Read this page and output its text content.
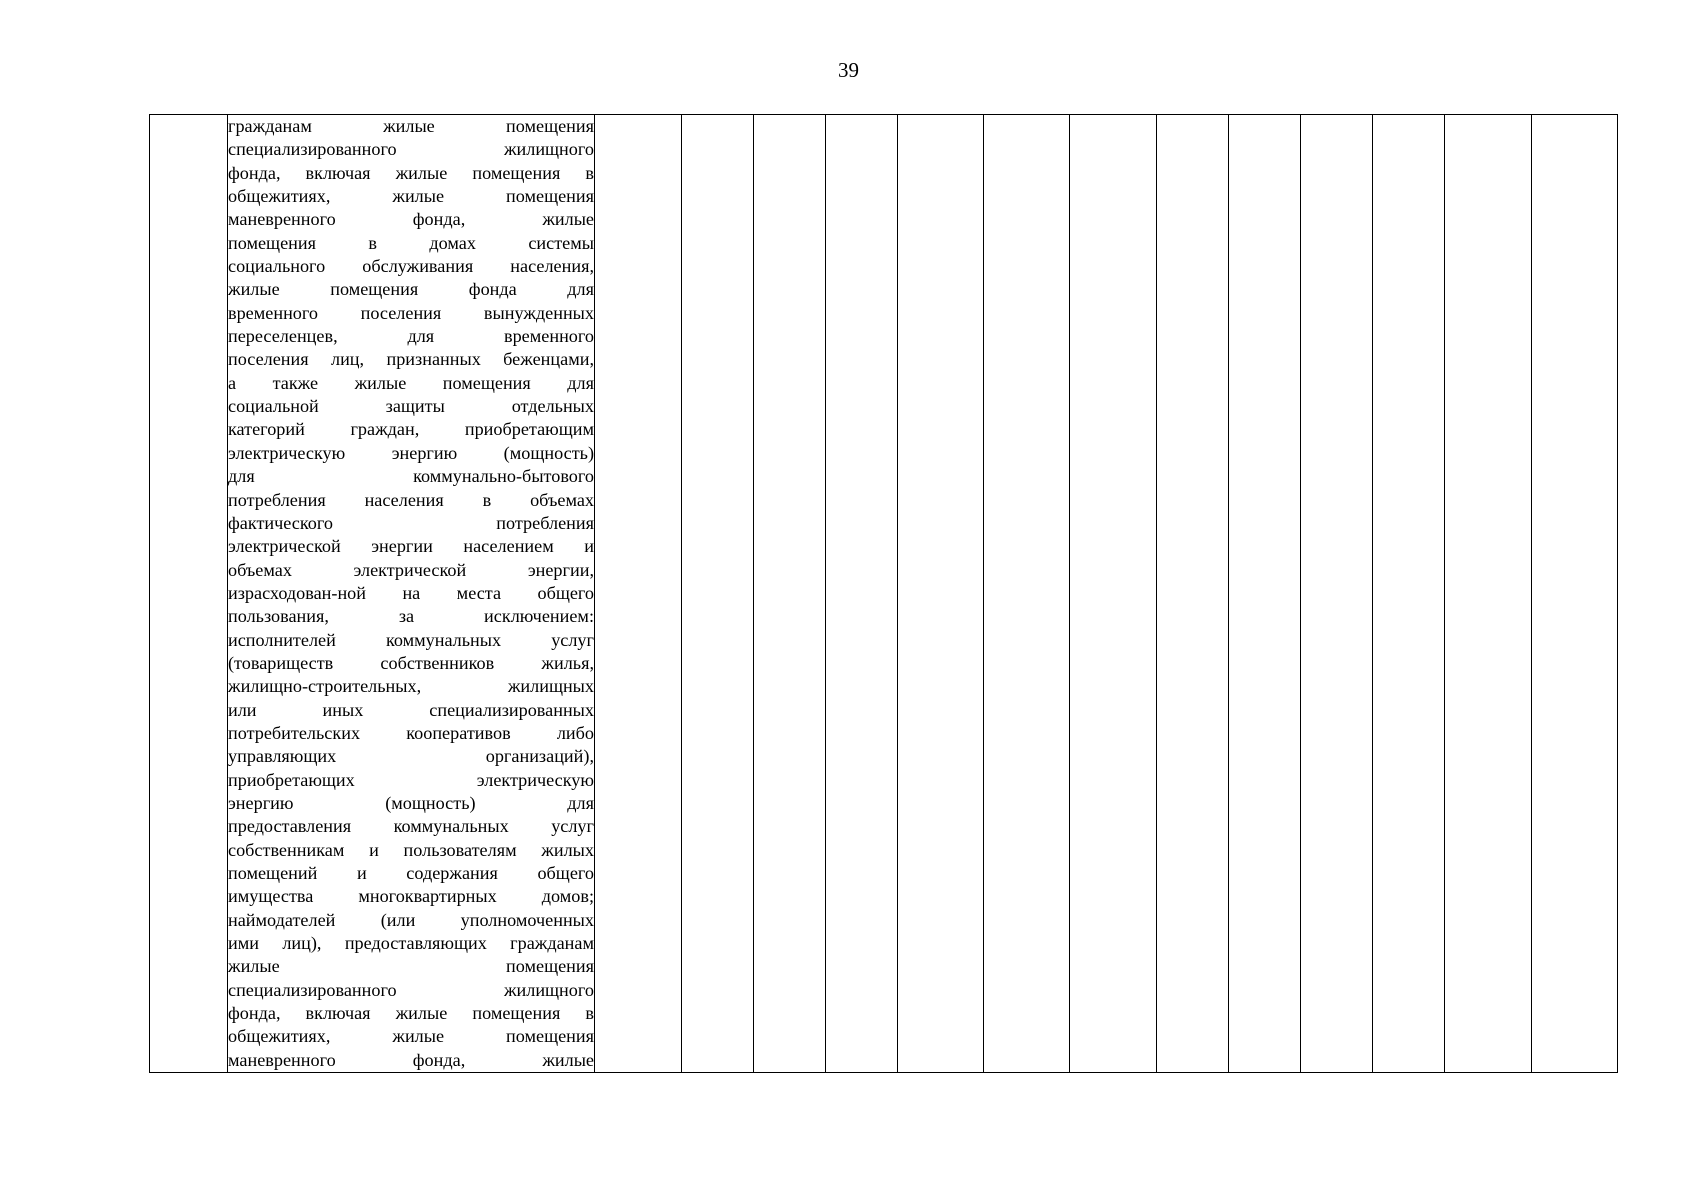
39

гражданам жилые помещения
специализированного жилищного
фонда, включая жилые помещения в
общежитиях, жилые помещения
маневренного фонда, жилые
помещения в домах системы
социального обслуживания населения,
жилые помещения фонда для
временного поселения вынужденных
переселенцев, для временного
поселения лиц, признанных беженцами,
а также жилые помещения для
социальной защиты отдельных
категорий граждан, приобретающим
электрическую энергию (мощность)
для коммунально-бытового
потребления населения в объемах
фактического потребления
электрической энергии населением и
объемах электрической энергии,
израсходован-ной на места общего
пользования, за исключением:
исполнителей коммунальных услуг
(товариществ собственников жилья,
жилищно-строительных, жилищных
или иных специализированных
потребительских кооперативов либо
управляющих организаций),
приобретающих электрическую
энергию (мощность) для
предоставления коммунальных услуг
собственникам и пользователям жилых
помещений и содержания общего
имущества многоквартирных домов;
наймодателей (или уполномоченных
ими лиц), предоставляющих гражданам
жилые помещения
специализированного жилищного
фонда, включая жилые помещения в
общежитиях, жилые помещения
маневренного фонда, жилые
